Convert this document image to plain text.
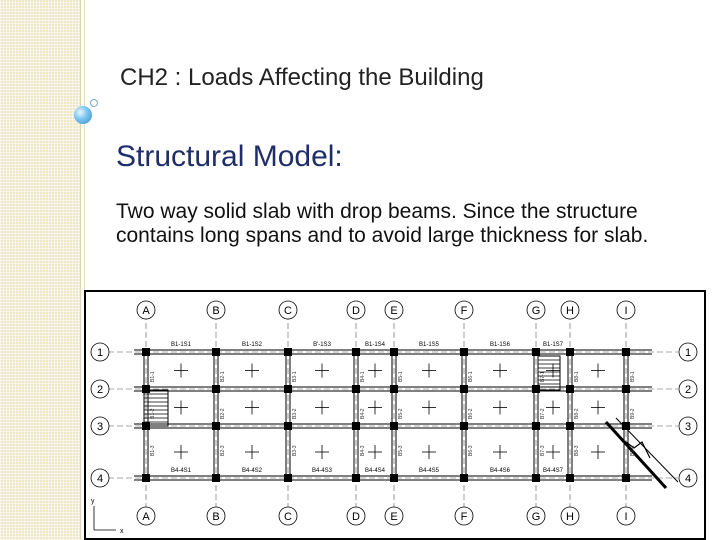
CH2 : Loads Affecting the Building
Structural Model:
Two way solid slab with drop beams. Since the structure contains long spans and to avoid large thickness for slab.
B1-1
B1-2
B1-3
B2-1
B2-2
B2-3
B3-1
B3-2
B3-3
B4-1
B4-2
B4-3
B5-1
B5-2
B5-3
B6-1
B6-2
B6-3
B7-1
B7-2
B7-3
B8-1
B8-2
B8-3
B9-1
B9-2
B9-3
B1-1S1	B1-1S2	B'-1S3	B1-1S4	B1-1S5	B1-1S6	B1-1S7
B4-4S1	B4-4S2	B4-4S3	B4-4S4	B4-4S5	B4-4S6	B4-4S7
A	B	C	D	E	F	G H	I
A	B	C	D	E	F	G H	I
1	1
2	2
3	3
4	4
x
y
